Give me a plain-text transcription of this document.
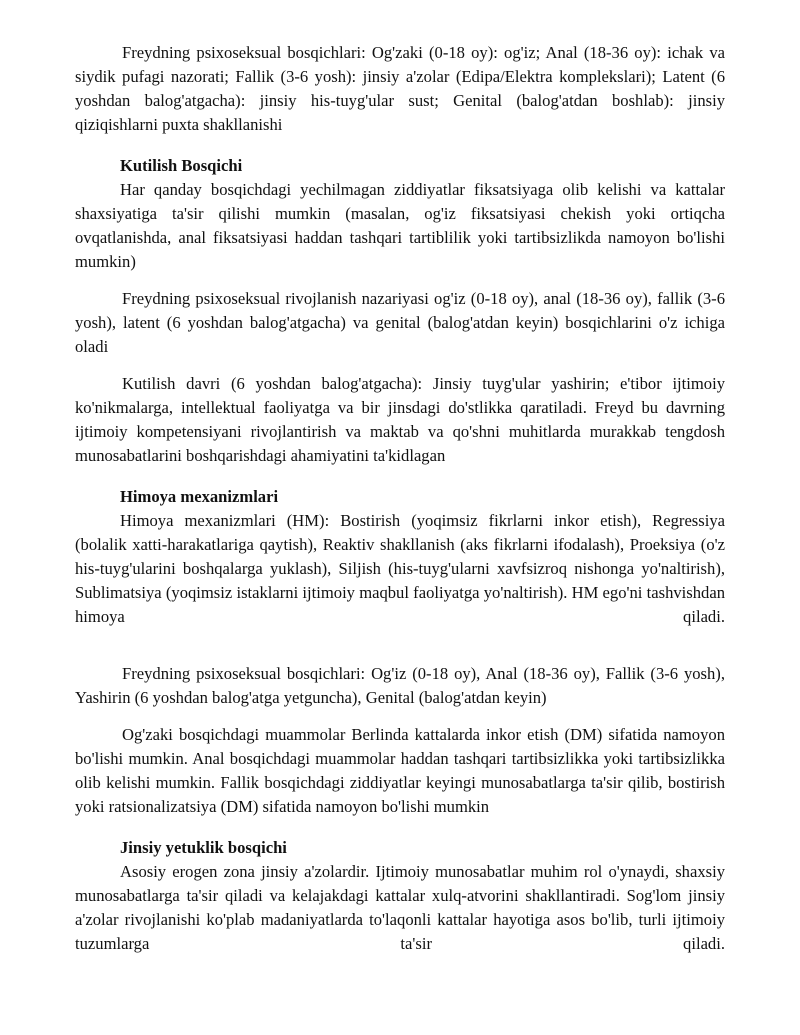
Freydning psixoseksual bosqichlari: Og'zaki (0-18 oy): og'iz; Anal (18-36 oy): ichak va siydik pufagi nazorati; Fallik (3-6 yosh): jinsiy a'zolar (Edipa/Elektra komplekslari); Latent (6 yoshdan balog'atgacha): jinsiy his-tuyg'ular sust; Genital (balog'atdan boshlab): jinsiy qiziqishlarni puxta shakllanishi

Kutilish Bosqichi

Har qanday bosqichdagi yechilmagan ziddiyatlar fiksatsiyaga olib kelishi va kattalar shaxsiyatiga ta'sir qilishi mumkin (masalan, og'iz fiksatsiyasi chekish yoki ortiqcha ovqatlanishda, anal fiksatsiyasi haddan tashqari tartiblilik yoki tartibsizlikda namoyon bo'lishi mumkin)

Freydning psixoseksual rivojlanish nazariyasi og'iz (0-18 oy), anal (18-36 oy), fallik (3-6 yosh), latent (6 yoshdan balog'atgacha) va genital (balog'atdan keyin) bosqichlarini o'z ichiga oladi

Kutilish davri (6 yoshdan balog'atgacha): Jinsiy tuyg'ular yashirin; e'tibor ijtimoiy ko'nikmalarga, intellektual faoliyatga va bir jinsdagi do'stlikka qaratiladi. Freyd bu davrning ijtimoiy kompetensiyani rivojlantirish va maktab va qo'shni muhitlarda murakkab tengdosh munosabatlarini boshqarishdagi ahamiyatini ta'kidlagan

Himoya mexanizmlari

Himoya mexanizmlari (HM): Bostirish (yoqimsiz fikrlarni inkor etish), Regressiya (bolalik xatti-harakatlariga qaytish), Reaktiv shakllanish (aks fikrlarni ifodalash), Proeksiya (o'z his-tuyg'ularini boshqalarga yuklash), Siljish (his-tuyg'ularni xavfsizroq nishonga yo'naltirish), Sublimatsiya (yoqimsiz istaklarni ijtimoiy maqbul faoliyatga yo'naltirish). HM ego'ni tashvishdan himoya qiladi.

Freydning psixoseksual bosqichlari: Og'iz (0-18 oy), Anal (18-36 oy), Fallik (3-6 yosh), Yashirin (6 yoshdan balog'atga yetguncha), Genital (balog'atdan keyin)

Og'zaki bosqichdagi muammolar Berlinda kattalarda inkor etish (DM) sifatida namoyon bo'lishi mumkin. Anal bosqichdagi muammolar haddan tashqari tartibsizlikka yoki tartibsizlikka olib kelishi mumkin. Fallik bosqichdagi ziddiyatlar keyingi munosabatlarga ta'sir qilib, bostirish yoki ratsionalizatsiya (DM) sifatida namoyon bo'lishi mumkin

Jinsiy yetuklik bosqichi

Asosiy erogen zona jinsiy a'zolardir. Ijtimoiy munosabatlar muhim rol o'ynaydi, shaxsiy munosabatlarga ta'sir qiladi va kelajakdagi kattalar xulq-atvorini shakllantiradi. Sog'lom jinsiy a'zolar rivojlanishi ko'plab madaniyatlarda to'laqonli kattalar hayotiga asos bo'lib, turli ijtimoiy tuzumlarga ta'sir qiladi.
